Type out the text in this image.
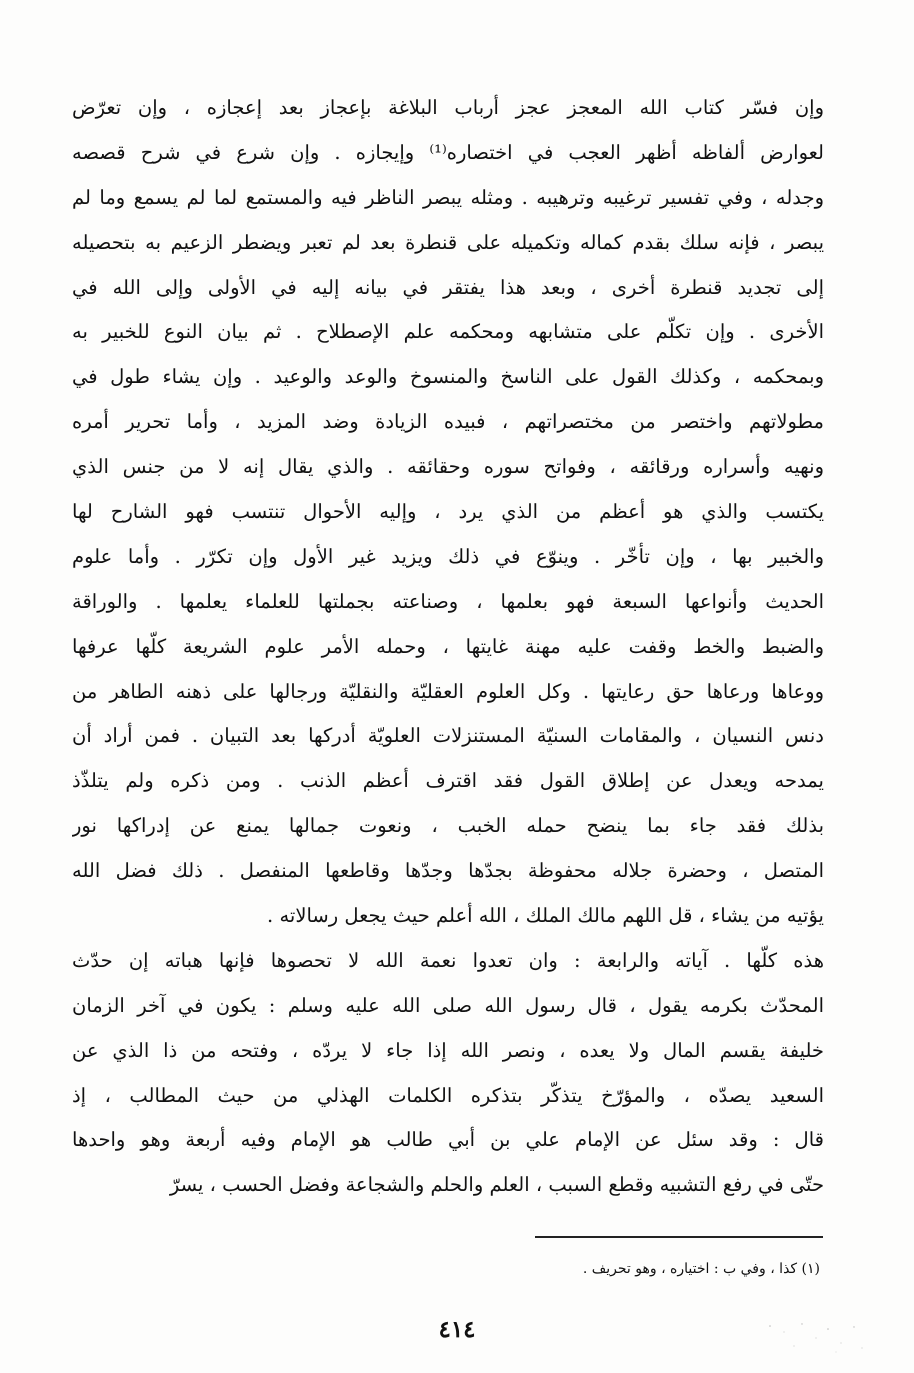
وإن فسّر كتاب الله المعجز عجز أرباب البلاغة بإعجاز بعد إعجازه ، وإن تعرّض
لعوارض ألفاظه أظهر العجب في اختصاره⁽¹⁾ وإيجازه . وإن شرع في شرح قصصه
وجدله ، وفي تفسير ترغيبه وترهيبه . ومثله يبصر الناظر فيه والمستمع لما لم يسمع وما لم
يبصر ، فإنه سلك بقدم كماله وتكميله على قنطرة بعد لم تعبر ويضطر الزعيم به بتحصيله
إلى تجديد قنطرة أخرى ، وبعد هذا يفتقر في بيانه إليه في الأولى وإلى الله في
الأخرى . وإن تكلّم على متشابهه ومحكمه علم الإصطلاح . ثم بيان النوع للخبير به
وبمحكمه ، وكذلك القول على الناسخ والمنسوخ والوعد والوعيد . وإن يشاء طول في
مطولاتهم واختصر من مختصراتهم ، فبيده الزيادة وضد المزيد ، وأما تحرير أمره
ونهيه وأسراره ورقائقه ، وفواتح سوره وحقائقه . والذي يقال إنه لا من جنس الذي
يكتسب والذي هو أعظم من الذي يرد ، وإليه الأحوال تنتسب فهو الشارح لها
والخبير بها ، وإن تأخّر . وينوّع في ذلك ويزيد غير الأول وإن تكرّر . وأما علوم
الحديث وأنواعها السبعة فهو بعلمها ، وصناعته بجملتها للعلماء يعلمها . والوراقة
والضبط والخط وقفت عليه مهنة غايتها ، وحمله الأمر علوم الشريعة كلّها عرفها
ووعاها ورعاها حق رعايتها . وكل العلوم العقليّة والنقليّة ورجالها على ذهنه الطاهر من
دنس النسيان ، والمقامات السنيّة المستنزلات العلويّة أدركها بعد التبيان . فمن أراد أن
يمدحه ويعدل عن إطلاق القول فقد اقترف أعظم الذنب . ومن ذكره ولم يتلذّذ
بذلك فقد جاء بما ينضح حمله الخبب ، ونعوت جمالها يمنع عن إدراكها نور
المتصل ، وحضرة جلاله محفوظة بجدّها وجدّها وقاطعها المنفصل . ذلك فضل الله
يؤتيه من يشاء ، قل اللهم مالك الملك ، الله أعلم حيث يجعل رسالاته .
هذه كلّها . آياته والرابعة : وان تعدوا نعمة الله لا تحصوها فإنها هباته إن حدّث
المحدّث بكرمه يقول ، قال رسول الله صلى الله عليه وسلم : يكون في آخر الزمان
خليفة يقسم المال ولا يعده ، ونصر الله إذا جاء لا يردّه ، وفتحه من ذا الذي عن
السعيد يصدّه ، والمؤرّخ يتذكّر بتذكره الكلمات الهذلي من حيث المطالب ، إذ
قال : وقد سئل عن الإمام علي بن أبي طالب هو الإمام وفيه أربعة وهو واحدها
حتّى في رفع التشبيه وقطع السبب ، العلم والحلم والشجاعة وفضل الحسب ، يسرّ
(١) كذا ، وفي ب : اختياره ، وهو تحريف .
٤١٤
